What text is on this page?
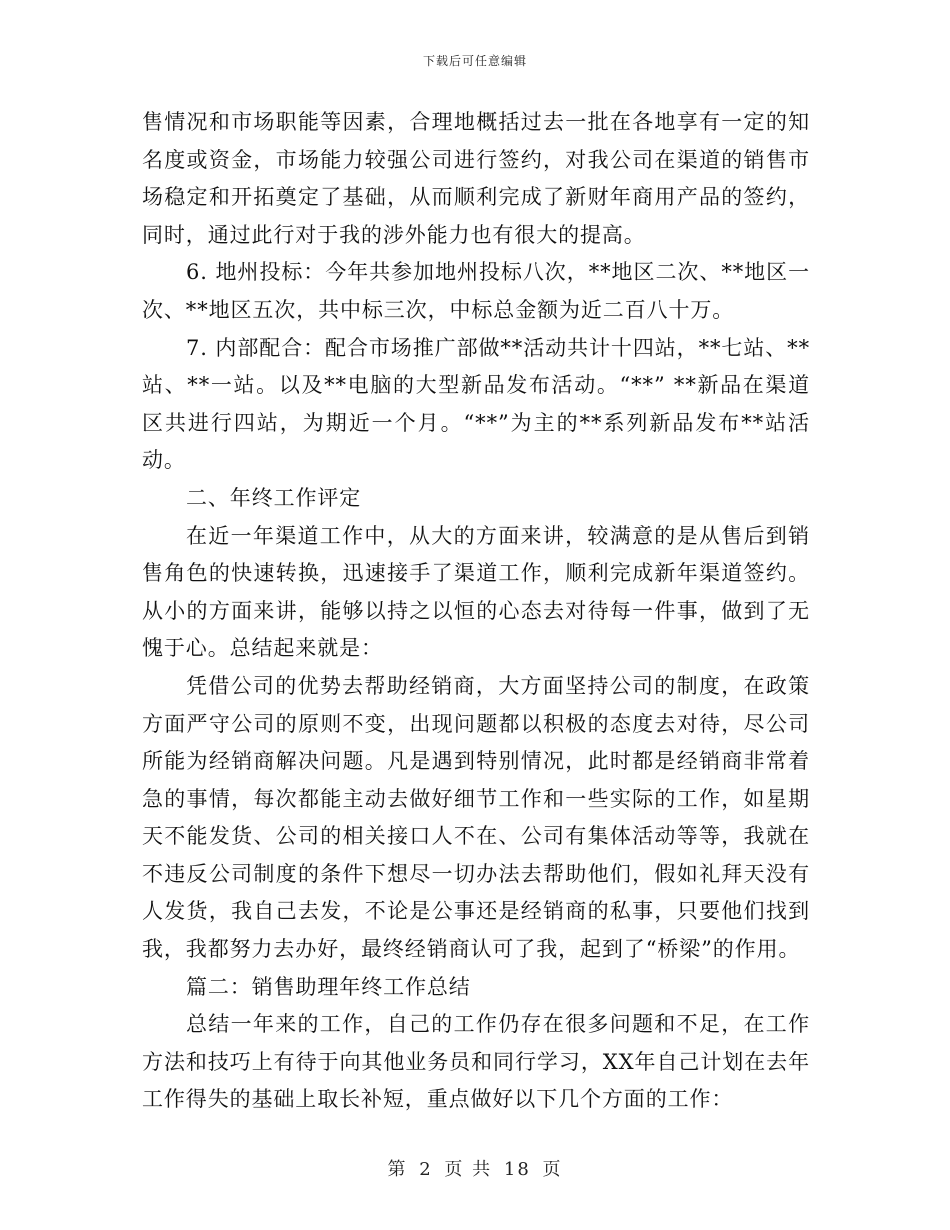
下载后可任意编辑

售情况和市场职能等因素，合理地概括过去一批在各地享有一定的知名度或资金，市场能力较强公司进行签约，对我公司在渠道的销售市场稳定和开拓奠定了基础，从而顺利完成了新财年商用产品的签约，同时，通过此行对于我的涉外能力也有很大的提高。

6. 地州投标：今年共参加地州投标八次，**地区二次、**地区一次、**地区五次，共中标三次，中标总金额为近二百八十万。

7. 内部配合：配合市场推广部做**活动共计十四站，**七站、**站、**一站。以及**电脑的大型新品发布活动。“**” **新品在渠道区共进行四站，为期近一个月。“**”为主的**系列新品发布**站活动。

二、年终工作评定

在近一年渠道工作中，从大的方面来讲，较满意的是从售后到销售角色的快速转换，迅速接手了渠道工作，顺利完成新年渠道签约。从小的方面来讲，能够以持之以恒的心态去对待每一件事，做到了无愧于心。总结起来就是：

凭借公司的优势去帮助经销商，大方面坚持公司的制度，在政策方面严守公司的原则不变，出现问题都以积极的态度去对待，尽公司所能为经销商解决问题。凡是遇到特别情况，此时都是经销商非常着急的事情，每次都能主动去做好细节工作和一些实际的工作，如星期天不能发货、公司的相关接口人不在、公司有集体活动等等，我就在不违反公司制度的条件下想尽一切办法去帮助他们，假如礼拜天没有人发货，我自己去发，不论是公事还是经销商的私事，只要他们找到我，我都努力去办好，最终经销商认可了我，起到了“桥梁”的作用。

篇二：销售助理年终工作总结

总结一年来的工作，自己的工作仍存在很多问题和不足，在工作方法和技巧上有待于向其他业务员和同行学习，XX年自己计划在去年工作得失的基础上取长补短，重点做好以下几个方面的工作：

第 2 页 共 18 页
